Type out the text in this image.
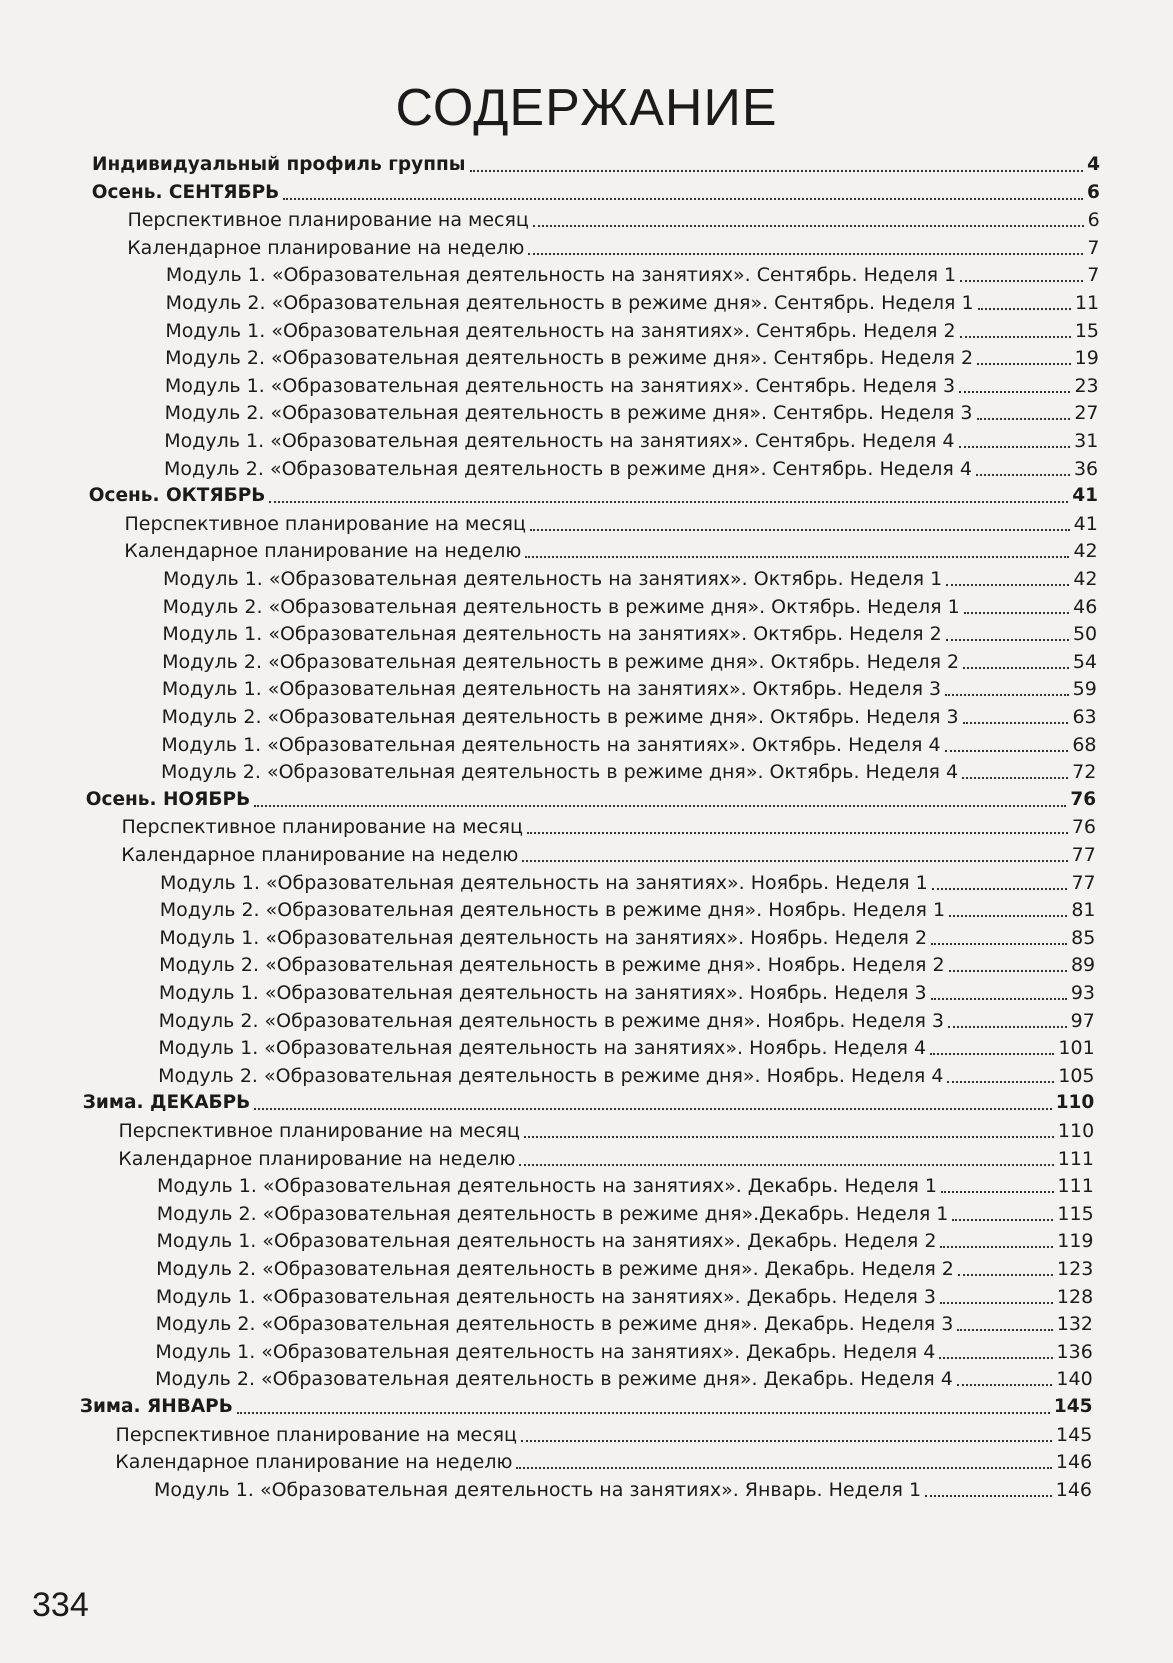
СОДЕРЖАНИЕ
Индивидуальный профиль группы	4
Осень. СЕНТЯБРЬ	6
Перспективное планирование на месяц	6
Календарное планирование на неделю	7
Модуль 1. «Образовательная деятельность на занятиях». Сентябрь. Неделя 1	7
Модуль 2. «Образовательная деятельность в режиме дня». Сентябрь. Неделя 1	11
Модуль 1. «Образовательная деятельность на занятиях». Сентябрь. Неделя 2	15
Модуль 2. «Образовательная деятельность в режиме дня». Сентябрь. Неделя 2	19
Модуль 1. «Образовательная деятельность на занятиях». Сентябрь. Неделя 3	23
Модуль 2. «Образовательная деятельность в режиме дня». Сентябрь. Неделя 3	27
Модуль 1. «Образовательная деятельность на занятиях». Сентябрь. Неделя 4	31
Модуль 2. «Образовательная деятельность в режиме дня». Сентябрь. Неделя 4	36
Осень. ОКТЯБРЬ	41
Перспективное планирование на месяц	41
Календарное планирование на неделю	42
Модуль 1. «Образовательная деятельность на занятиях». Октябрь. Неделя 1	42
Модуль 2. «Образовательная деятельность в режиме дня». Октябрь. Неделя 1	46
Модуль 1. «Образовательная деятельность на занятиях». Октябрь. Неделя 2	50
Модуль 2. «Образовательная деятельность в режиме дня». Октябрь. Неделя 2	54
Модуль 1. «Образовательная деятельность на занятиях». Октябрь. Неделя 3	59
Модуль 2. «Образовательная деятельность в режиме дня». Октябрь. Неделя 3	63
Модуль 1. «Образовательная деятельность на занятиях». Октябрь. Неделя 4	68
Модуль 2. «Образовательная деятельность в режиме дня». Октябрь. Неделя 4	72
Осень. НОЯБРЬ	76
Перспективное планирование на месяц	76
Календарное планирование на неделю	77
Модуль 1. «Образовательная деятельность на занятиях». Ноябрь. Неделя 1	77
Модуль 2. «Образовательная деятельность в режиме дня». Ноябрь. Неделя 1	81
Модуль 1. «Образовательная деятельность на занятиях». Ноябрь. Неделя 2	85
Модуль 2. «Образовательная деятельность в режиме дня». Ноябрь. Неделя 2	89
Модуль 1. «Образовательная деятельность на занятиях». Ноябрь. Неделя 3	93
Модуль 2. «Образовательная деятельность в режиме дня». Ноябрь. Неделя 3	97
Модуль 1. «Образовательная деятельность на занятиях». Ноябрь. Неделя 4	101
Модуль 2. «Образовательная деятельность в режиме дня». Ноябрь. Неделя 4	105
Зима. ДЕКАБРЬ	110
Перспективное планирование на месяц	110
Календарное планирование на неделю	111
Модуль 1. «Образовательная деятельность на занятиях». Декабрь. Неделя 1	111
Модуль 2. «Образовательная деятельность в режиме дня».Декабрь. Неделя 1	115
Модуль 1. «Образовательная деятельность на занятиях». Декабрь. Неделя 2	119
Модуль 2. «Образовательная деятельность в режиме дня». Декабрь. Неделя 2	123
Модуль 1. «Образовательная деятельность на занятиях». Декабрь. Неделя 3	128
Модуль 2. «Образовательная деятельность в режиме дня». Декабрь. Неделя 3	132
Модуль 1. «Образовательная деятельность на занятиях». Декабрь. Неделя 4	136
Модуль 2. «Образовательная деятельность в режиме дня». Декабрь. Неделя 4	140
Зима. ЯНВАРЬ	145
Перспективное планирование на месяц	145
Календарное планирование на неделю	146
Модуль 1. «Образовательная деятельность на занятиях». Январь. Неделя 1	146
334
